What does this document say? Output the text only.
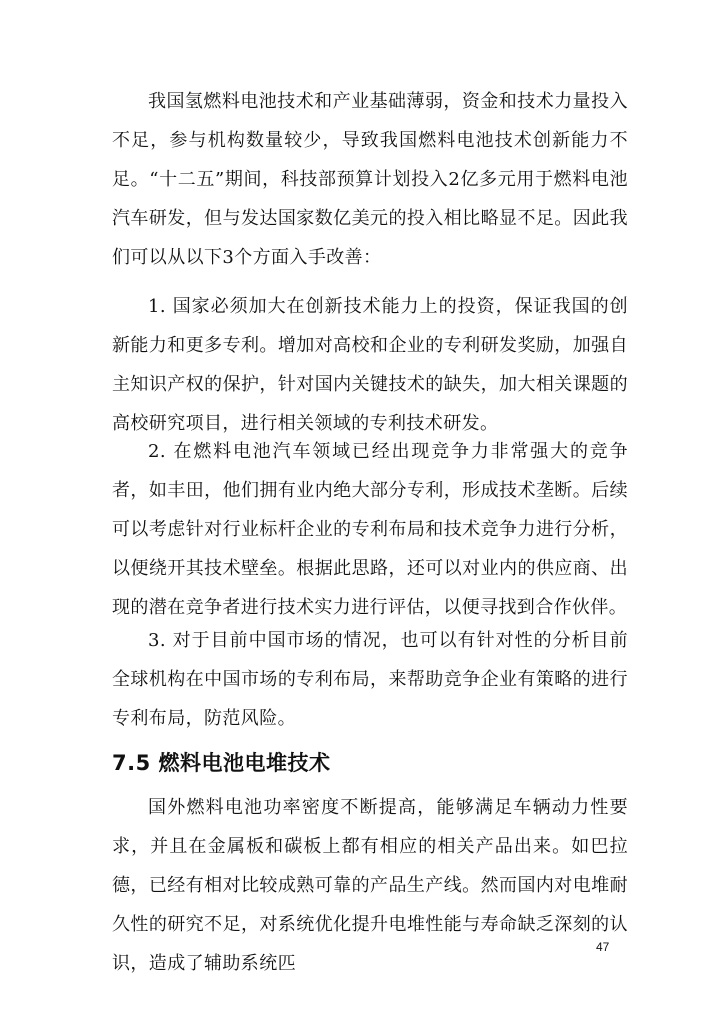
我国氢燃料电池技术和产业基础薄弱，资金和技术力量投入不足，参与机构数量较少，导致我国燃料电池技术创新能力不足。“十二五”期间，科技部预算计划投入2亿多元用于燃料电池汽车研发，但与发达国家数亿美元的投入相比略显不足。因此我们可以从以下3个方面入手改善：

1. 国家必须加大在创新技术能力上的投资，保证我国的创新能力和更多专利。增加对高校和企业的专利研发奖励，加强自主知识产权的保护，针对国内关键技术的缺失，加大相关课题的高校研究项目，进行相关领域的专利技术研发。

2. 在燃料电池汽车领域已经出现竞争力非常强大的竞争者，如丰田，他们拥有业内绝大部分专利，形成技术垄断。后续可以考虑针对行业标杆企业的专利布局和技术竞争力进行分析，以便绕开其技术壁垒。根据此思路，还可以对业内的供应商、出现的潜在竞争者进行技术实力进行评估，以便寻找到合作伙伴。

3. 对于目前中国市场的情况，也可以有针对性的分析目前全球机构在中国市场的专利布局，来帮助竞争企业有策略的进行专利布局，防范风险。

7.5 燃料电池电堆技术

国外燃料电池功率密度不断提高，能够满足车辆动力性要求，并且在金属板和碳板上都有相应的相关产品出来。如巴拉德，已经有相对比较成熟可靠的产品生产线。然而国内对电堆耐久性的研究不足，对系统优化提升电堆性能与寿命缺乏深刻的认识，造成了辅助系统匹

47
